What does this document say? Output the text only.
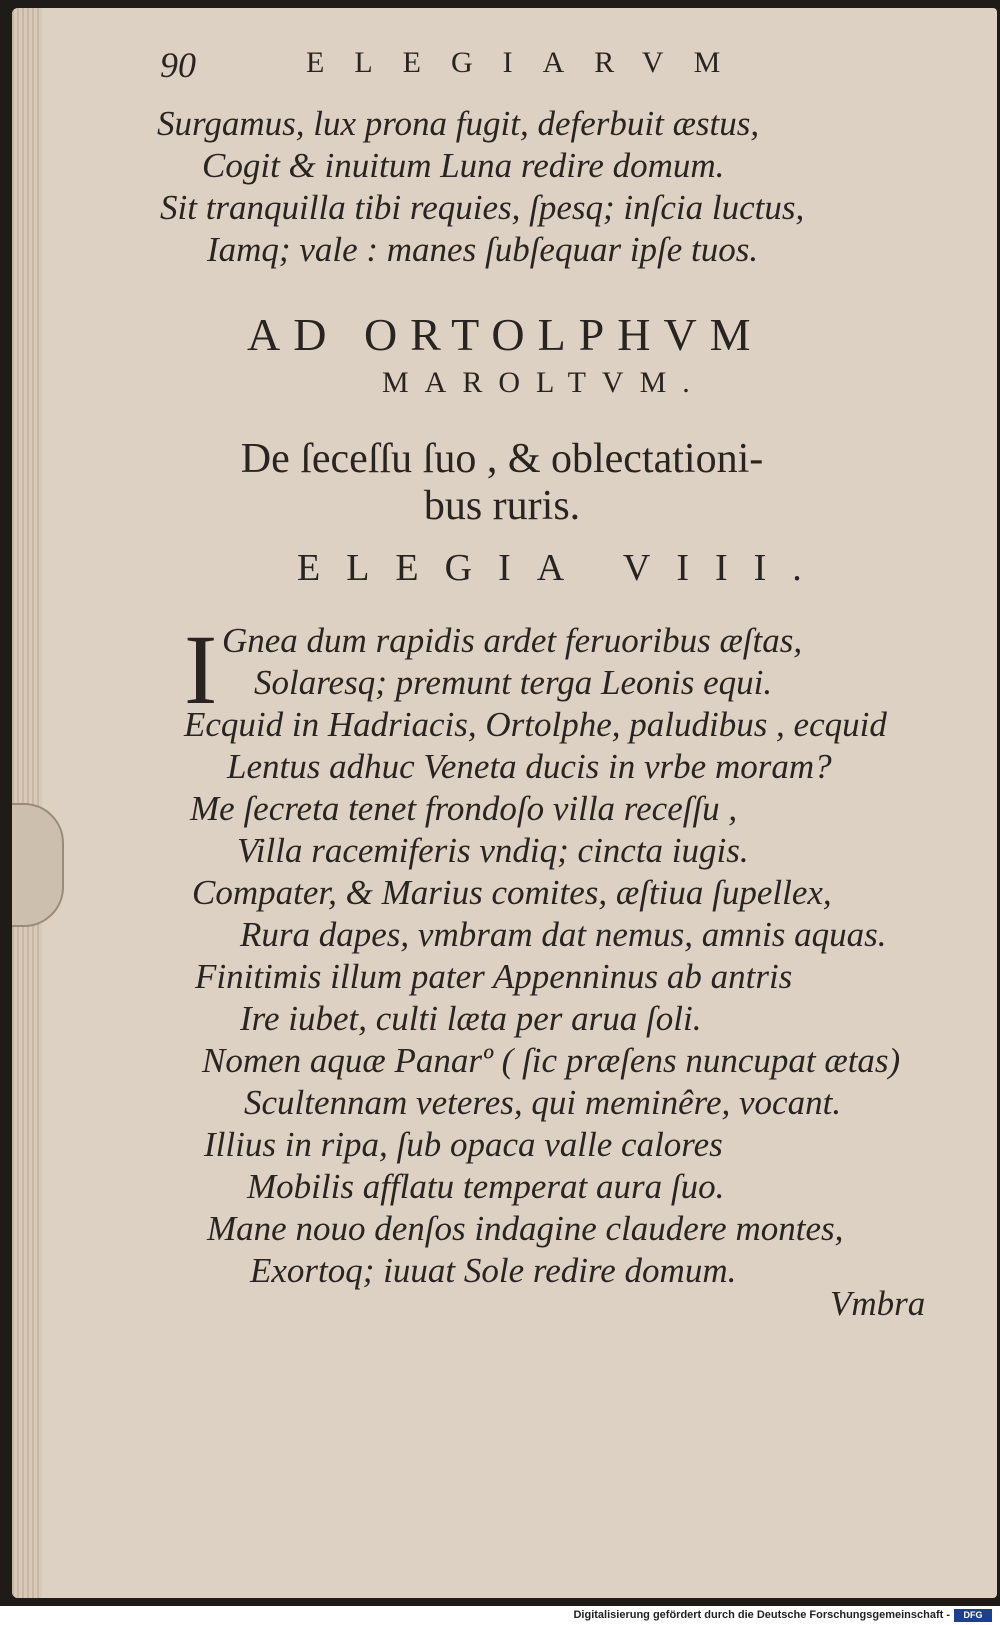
90	ELEGIARVM
Surgamus, lux prona fugit, deferbuit æstus,
Cogit & inuitum Luna redire domum.
Sit tranquilla tibi requies, ſpesq; inſcia luctus,
Iamq; vale : manes ſubſequar ipſe tuos.
AD ORTOLPHVM
MAROLTVM.
De ſeceſſu ſuo , & oblectationi-
bus ruris.
ELEGIA VIII.
I Gnea dum rapidis ardet feruoribus æſtas,
Solaresq; premunt terga Leonis equi.
Ecquid in Hadriacis, Ortolphe, paludibus , ecquid
Lentus adhuc Veneta ducis in vrbe moram?
Me ſecreta tenet frondoſo villa receſſu ,
Villa racemiferis vndiq; cincta iugis.
Compater, & Marius comites, æſtiua ſupellex,
Rura dapes, vmbram dat nemus, amnis aquas.
Finitimis illum pater Appenninus ab antris
Ire iubet, culti læta per arua ſoli.
Nomen aquæ Panarº ( ſic præſens nuncupat ætas)
Scultennam veteres, qui meminêre, vocant.
Illius in ripa, ſub opaca valle calores
Mobilis afflatu temperat aura ſuo.
Mane nouo denſos indagine claudere montes,
Exortoq; iuuat Sole redire domum.
Vmbra
Digitalisierung gefördert durch die Deutsche Forschungsgemeinschaft -	DFG
